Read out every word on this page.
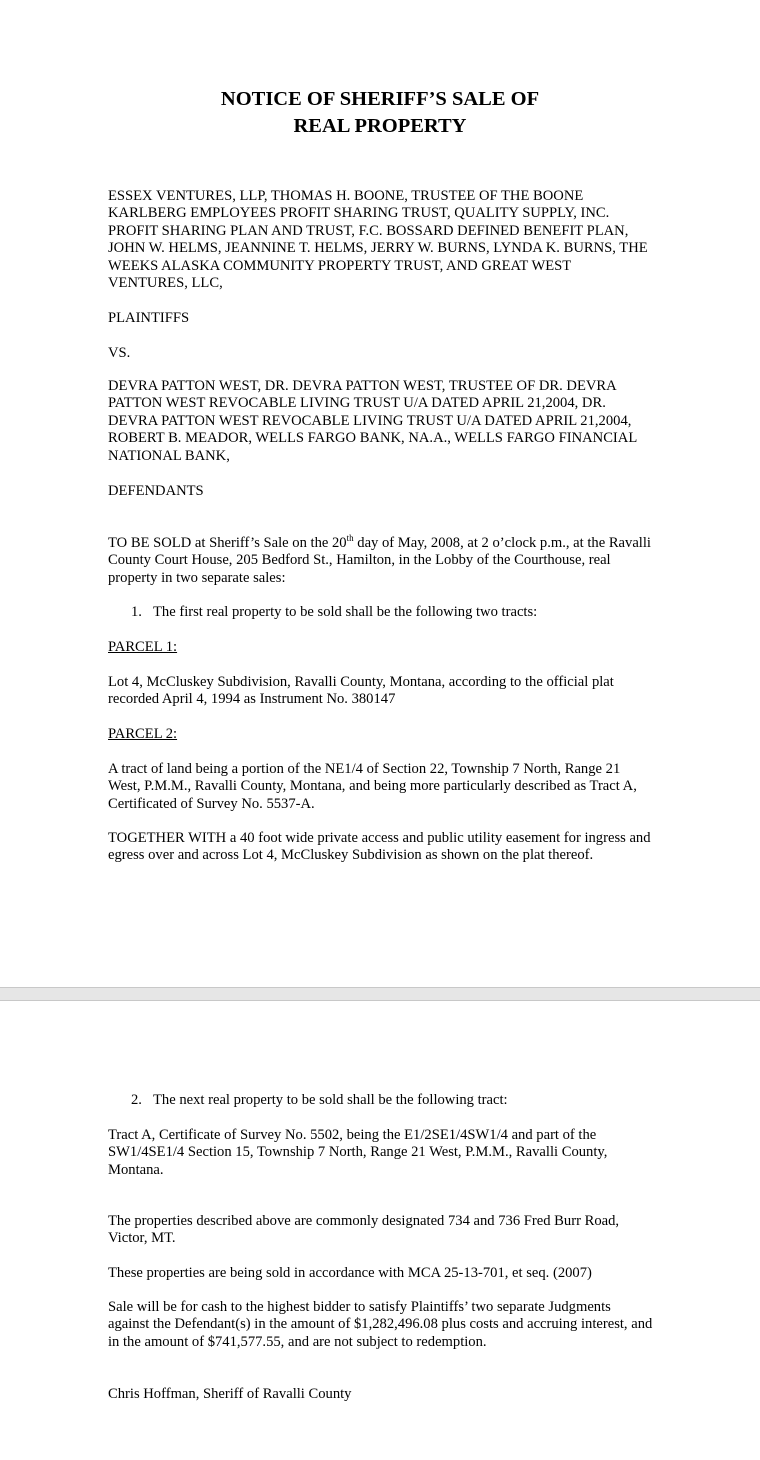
NOTICE OF SHERIFF’S SALE OF
REAL PROPERTY

ESSEX VENTURES, LLP, THOMAS H. BOONE, TRUSTEE OF THE BOONE KARLBERG EMPLOYEES PROFIT SHARING TRUST, QUALITY SUPPLY, INC. PROFIT SHARING PLAN AND TRUST, F.C. BOSSARD DEFINED BENEFIT PLAN, JOHN W. HELMS, JEANNINE T. HELMS, JERRY W. BURNS, LYNDA K. BURNS, THE WEEKS ALASKA COMMUNITY PROPERTY TRUST, AND GREAT WEST VENTURES, LLC,

PLAINTIFFS

VS.

DEVRA PATTON WEST, DR. DEVRA PATTON WEST, TRUSTEE OF DR. DEVRA PATTON WEST REVOCABLE LIVING TRUST U/A DATED APRIL 21,2004, DR. DEVRA PATTON WEST REVOCABLE LIVING TRUST U/A DATED APRIL 21,2004, ROBERT B. MEADOR, WELLS FARGO BANK, NA.A., WELLS FARGO FINANCIAL NATIONAL BANK,

DEFENDANTS

TO BE SOLD at Sheriff’s Sale on the 20th day of May, 2008, at 2 o’clock p.m., at the Ravalli County Court House, 205 Bedford St., Hamilton, in the Lobby of the Courthouse, real property in two separate sales:

1. The first real property to be sold shall be the following two tracts:

PARCEL 1:

Lot 4, McCluskey Subdivision, Ravalli County, Montana, according to the official plat recorded April 4, 1994 as Instrument No. 380147

PARCEL 2:

A tract of land being a portion of the NE1/4 of Section 22, Township 7 North, Range 21 West, P.M.M., Ravalli County, Montana, and being more particularly described as Tract A, Certificated of Survey No. 5537-A.

TOGETHER WITH a 40 foot wide private access and public utility easement for ingress and egress over and across Lot 4, McCluskey Subdivision as shown on the plat thereof.

2. The next real property to be sold shall be the following tract:

Tract A, Certificate of Survey No. 5502, being the E1/2SE1/4SW1/4 and part of the SW1/4SE1/4 Section 15, Township 7 North, Range 21 West, P.M.M., Ravalli County, Montana.

The properties described above are commonly designated 734 and 736 Fred Burr Road, Victor, MT.

These properties are being sold in accordance with MCA 25-13-701, et seq. (2007)

Sale will be for cash to the highest bidder to satisfy Plaintiffs’ two separate Judgments against the Defendant(s) in the amount of $1,282,496.08 plus costs and accruing interest, and in the amount of $741,577.55, and are not subject to redemption.

Chris Hoffman, Sheriff of Ravalli County
